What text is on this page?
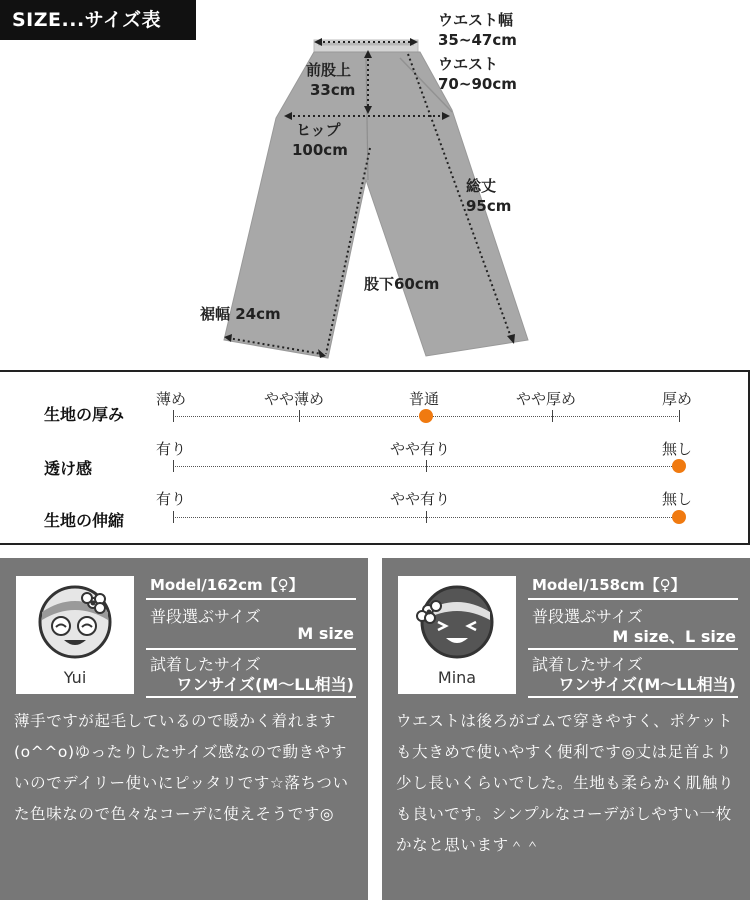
SIZE...サイズ表	ウエスト幅
35~47cm
ウエスト
70~90cm
前股上
33cm
ヒップ
100cm
総丈
95cm
股下60cm
裾幅 24cm
生地の厚み
薄め	やや薄め	普通	やや厚め	厚め
透け感
有り	やや有り	無し
生地の伸縮
有り	やや有り	無し
Yui
Model/162cm【♀】
普段選ぶサイズ
M size
試着したサイズ
ワンサイズ(M～LL相当)
薄手ですが起毛しているので暖かく着れます(o^^o)ゆったりしたサイズ感なので動きやすいのでデイリー使いにピッタリです☆落ちついた色味なので色々なコーデに使えそうです◎
Mina
Model/158cm【♀】
普段選ぶサイズ
M size、L size
試着したサイズ
ワンサイズ(M～LL相当)
ウエストは後ろがゴムで穿きやすく、ポケットも大きめで使いやすく便利です◎丈は足首より少し長いくらいでした。生地も柔らかく肌触りも良いです。シンプルなコーデがしやすい一枚かなと思います＾＾
